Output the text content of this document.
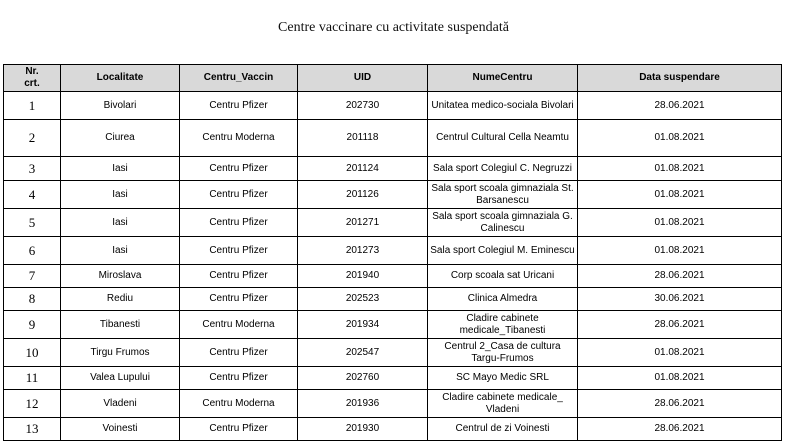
Centre vaccinare cu activitate suspendată
Nr.
crt.	Localitate	Centru_Vaccin	UID	NumeCentru	Data suspendare
1	Bivolari	Centru Pfizer	202730	Unitatea medico-sociala Bivolari	28.06.2021
2	Ciurea	Centru Moderna	201118	Centrul Cultural Cella Neamtu	01.08.2021
3	Iasi	Centru Pfizer	201124	Sala sport Colegiul C. Negruzzi	01.08.2021
4	Iasi	Centru Pfizer	201126	Sala sport scoala gimnaziala St. Barsanescu	01.08.2021
5	Iasi	Centru Pfizer	201271	Sala sport scoala gimnaziala G. Calinescu	01.08.2021
6	Iasi	Centru Pfizer	201273	Sala sport Colegiul M. Eminescu	01.08.2021
7	Miroslava	Centru Pfizer	201940	Corp scoala sat Uricani	28.06.2021
8	Rediu	Centru Pfizer	202523	Clinica Almedra	30.06.2021
9	Tibanesti	Centru Moderna	201934	Cladire cabinete medicale_Tibanesti	28.06.2021
10	Tirgu Frumos	Centru Pfizer	202547	Centrul 2_Casa de cultura Targu-Frumos	01.08.2021
11	Valea Lupului	Centru Pfizer	202760	SC Mayo Medic SRL	01.08.2021
12	Vladeni	Centru Moderna	201936	Cladire cabinete medicale_ Vladeni	28.06.2021
13	Voinesti	Centru Pfizer	201930	Centrul de zi Voinesti	28.06.2021
